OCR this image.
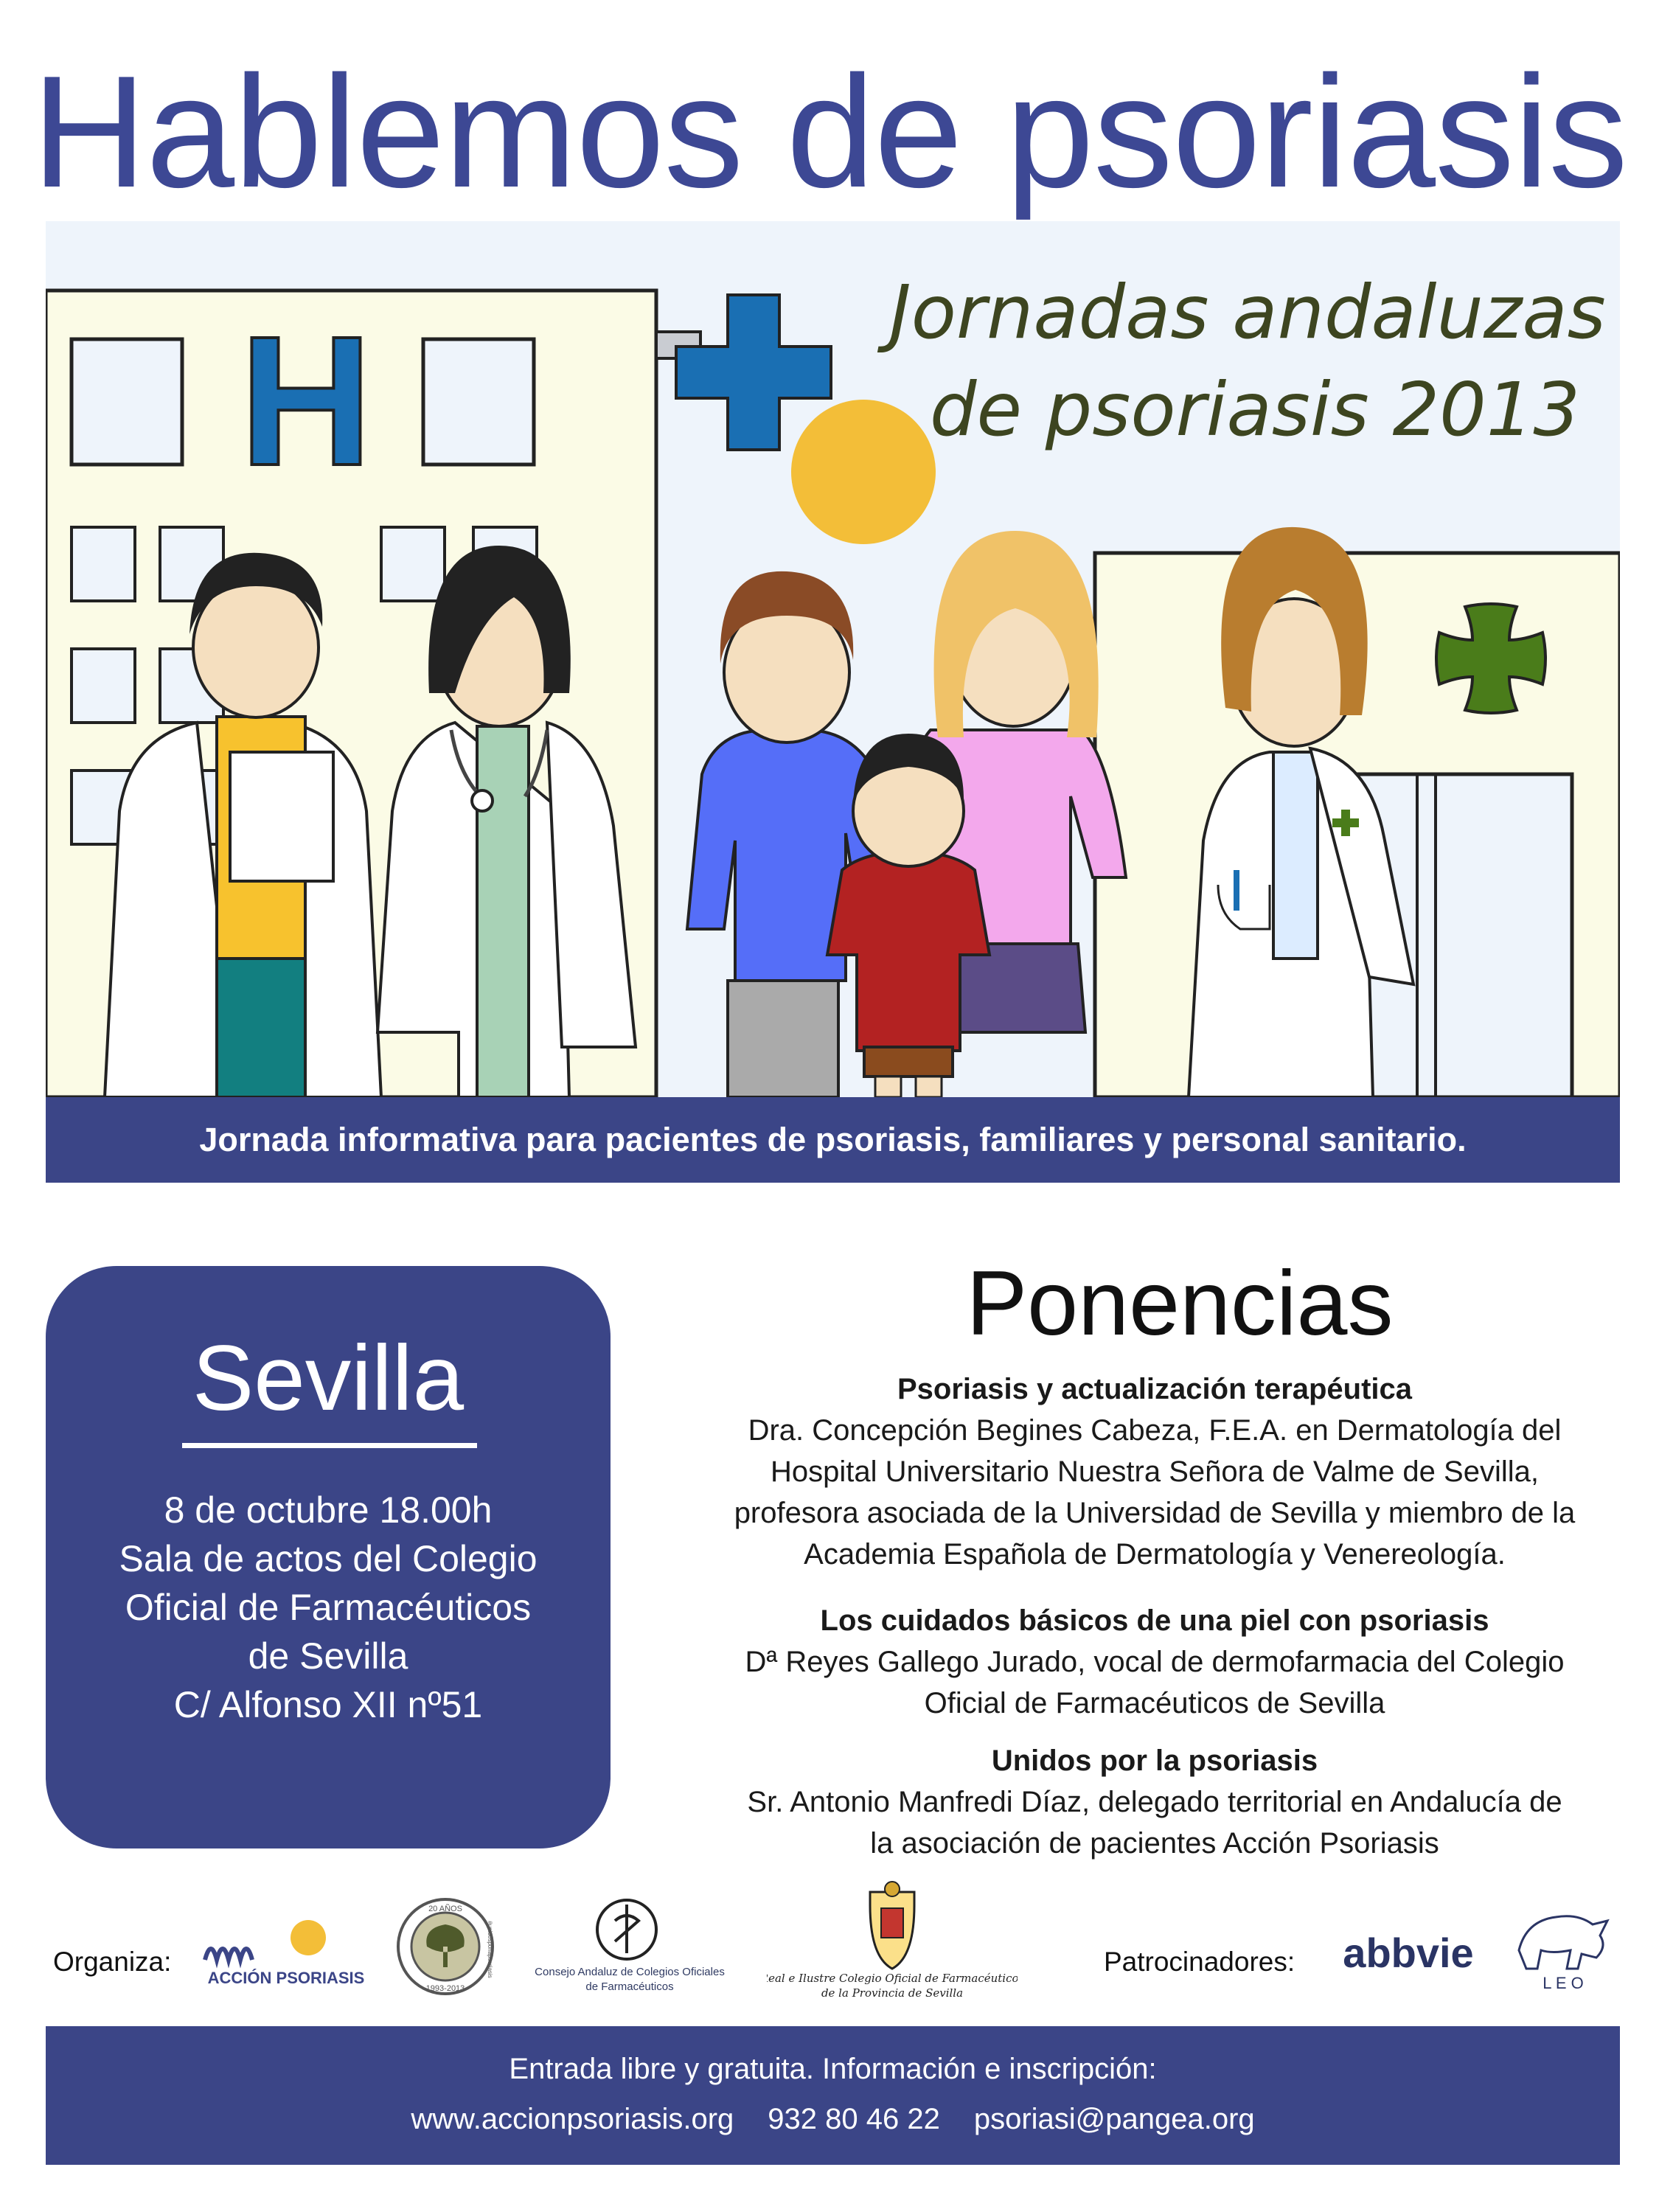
Hablemos de psoriasis
H	Jornadas andaluzas
de psoriasis 2013
Jornada informativa para pacientes de psoriasis, familiares y personal sanitario.
Sevilla
8 de octubre 18.00h
Sala de actos del Colegio
Oficial de Farmacéuticos
de Sevilla
C/ Alfonso XII nº51
Ponencias
Psoriasis y actualización terapéutica
Dra. Concepción Begines Cabeza, F.E.A. en Dermatología del
Hospital Universitario Nuestra Señora de Valme de Sevilla,
profesora asociada de la Universidad de Sevilla y miembro de la
Academia Española de Dermatología y Venereología.
Los cuidados básicos de una piel con psoriasis
Dª Reyes Gallego Jurado, vocal de dermofarmacia del Colegio
Oficial de Farmacéuticos de Sevilla
Unidos por la psoriasis
Sr. Antonio Manfredi Díaz, delegado territorial en Andalucía de
la asociación de pacientes Acción Psoriasis
Organiza:
ACCIÓN PSORIASIS
20 AÑOS
1993-2013
#unidosporlapsoriasis	Consejo Andaluz de Colegios Oficiales
de Farmacéuticos
Real e Ilustre Colegio Oficial de Farmacéuticos
de la Provincia de Sevilla
Patrocinadores: abbvie
L E O
Entrada libre y gratuita. Información e inscripción:
www.accionpsoriasis.org 932 80 46 22 psoriasi@pangea.org
